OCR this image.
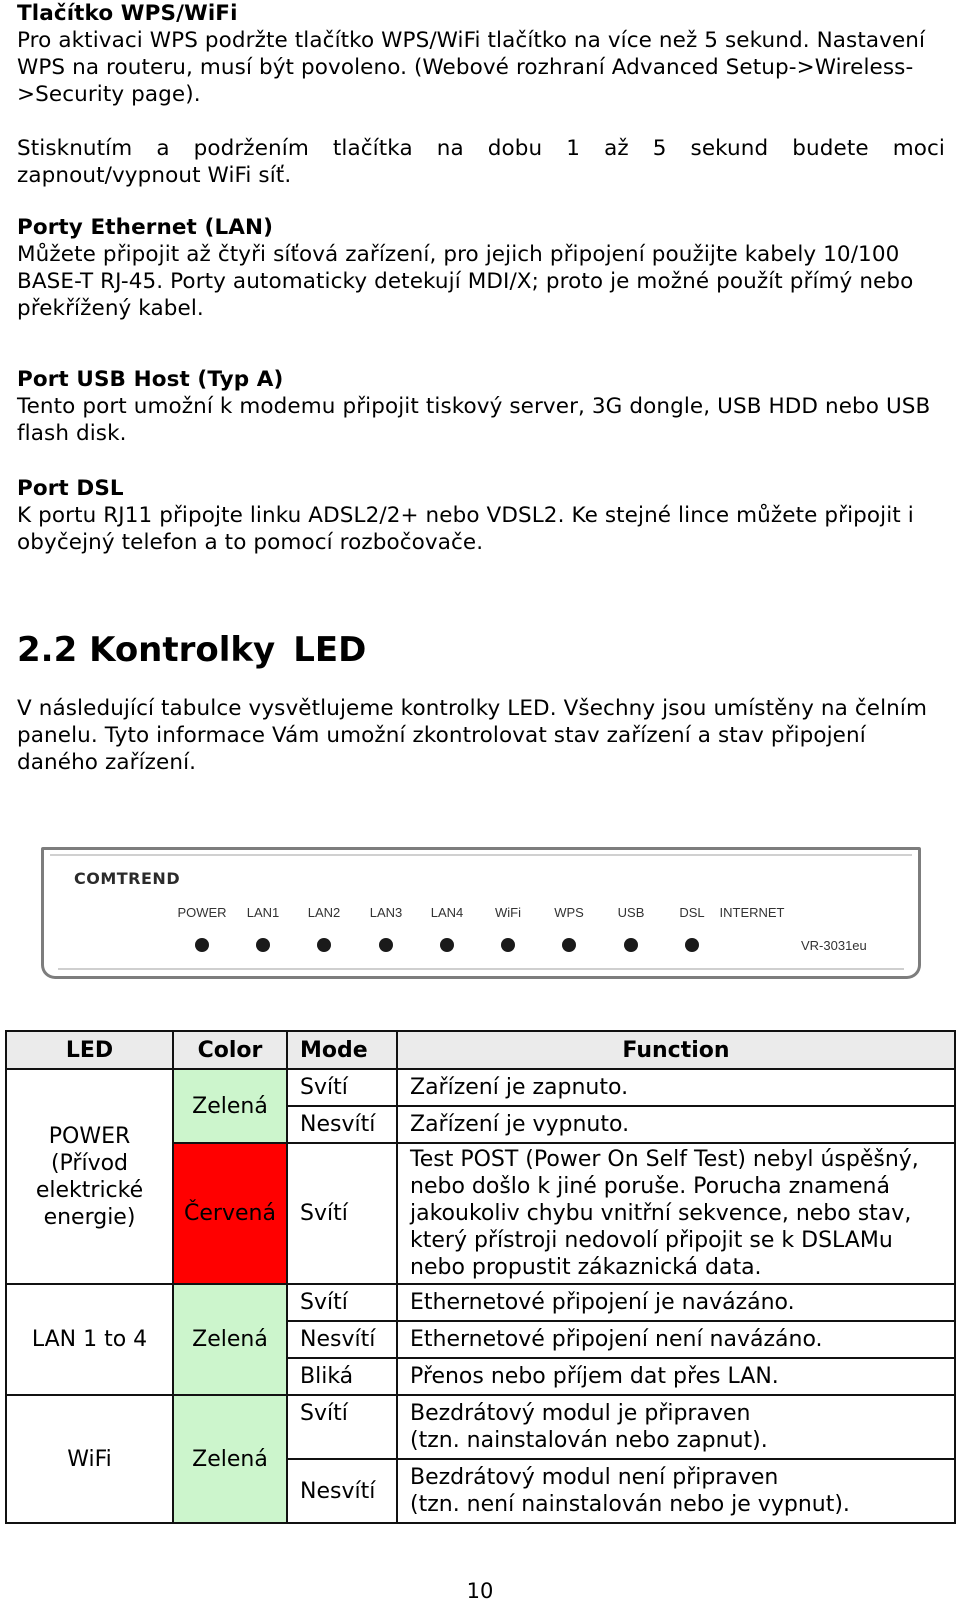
Tlačítko WPS/WiFi
Pro aktivaci WPS podržte tlačítko WPS/WiFi tlačítko na více než 5 sekund. Nastavení WPS na routeru, musí být povoleno. (Webové rozhraní Advanced Setup->Wireless->Security page).
Stisknutím a podržením tlačítka na dobu 1 až 5 sekund budete moci
zapnout/vypnout WiFi síť.
Porty Ethernet (LAN)
Můžete připojit až čtyři síťová zařízení, pro jejich připojení použijte kabely 10/100 BASE-T RJ-45. Porty automaticky detekují MDI/X; proto je možné použít přímý nebo překřížený kabel.
Port USB Host (Typ A)
Tento port umožní k modemu připojit tiskový server, 3G dongle, USB HDD nebo USB flash disk.
Port DSL
K portu RJ11 připojte linku ADSL2/2+ nebo VDSL2. Ke stejné lince můžete připojit i obyčejný telefon a to pomocí rozbočovače.
2.2 Kontrolky LED
V následující tabulce vysvětlujeme kontrolky LED. Všechny jsou umístěny na čelním panelu. Tyto informace Vám umožní zkontrolovat stav zařízení a stav připojení daného zařízení.
COMTREND
POWER LAN1 LAN2 LAN3 LAN4 WiFi	WPS	USB	DSL INTERNET
VR-3031eu
LED	Color	Mode	Function
POWER (Přívod elektrické energie)	Zelená	Svítí	Zařízení je zapnuto.
		Nesvítí	Zařízení je vypnuto.
	Červená	Svítí	Test POST (Power On Self Test) nebyl úspěšný, nebo došlo k jiné poruše. Porucha znamená jakoukoliv chybu vnitřní sekvence, nebo stav, který přístroji nedovolí připojit se k DSLAMu nebo propustit zákaznická data.
LAN 1 to 4	Zelená	Svítí	Ethernetové připojení je navázáno.
		Nesvítí	Ethernetové připojení není navázáno.
		Bliká	Přenos nebo příjem dat přes LAN.
WiFi	Zelená	Svítí	Bezdrátový modul je připraven
(tzn. nainstalován nebo zapnut).

		Nesvítí	Bezdrátový modul není připraven
(tzn. není nainstalován nebo je vypnut).
10
